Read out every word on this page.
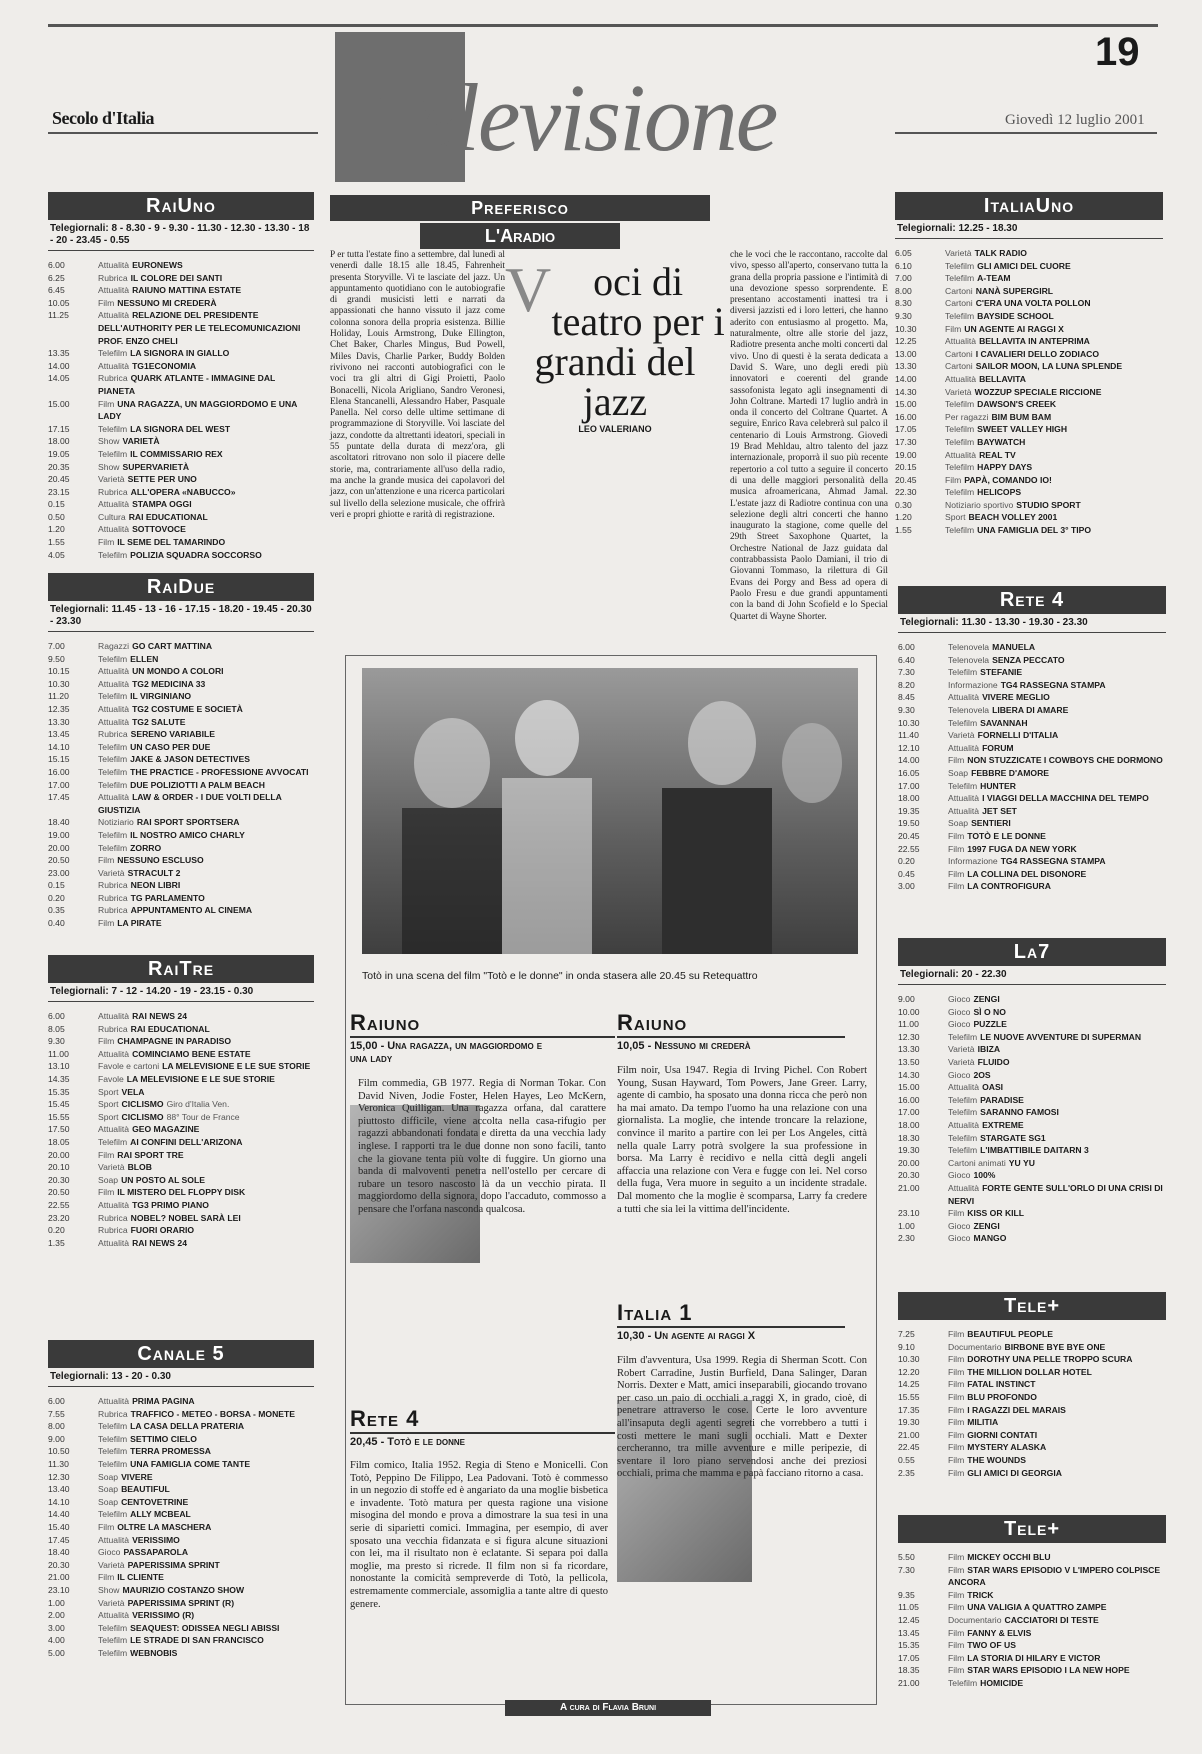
19
Secolo d'Italia Televisione	Giovedì 12 luglio 2001
RaiUno
Telegiornali: 8 - 8.30 - 9 - 9.30 - 11.30 - 12.30 - 13.30 - 18 - 20 - 23.45 - 0.55
6.00	Attualità EURONEWS
6.25	Rubrica IL COLORE DEI SANTI
6.45	Attualità RAIUNO MATTINA ESTATE
10.05	Film NESSUNO MI CREDERÀ
11.25	Attualità RELAZIONE DEL PRESIDENTE DELL'AUTHORITY PER LE TELECOMUNICAZIONI PROF. ENZO CHELI
13.35	Telefilm LA SIGNORA IN GIALLO
14.00	Attualità TG1ECONOMIA
14.05	Rubrica QUARK ATLANTE - IMMAGINE DAL PIANETA
15.00	Film UNA RAGAZZA, UN MAGGIORDOMO E UNA LADY
17.15	Telefilm LA SIGNORA DEL WEST
18.00	Show VARIETÀ
19.05	Telefilm IL COMMISSARIO REX
20.35	Show SUPERVARIETÀ
20.45	Varietà SETTE PER UNO
23.15	Rubrica ALL'OPERA «NABUCCO»
0.15	Attualità STAMPA OGGI
0.50	Cultura RAI EDUCATIONAL
1.20	Attualità SOTTOVOCE
1.55	Film IL SEME DEL TAMARINDO
4.05	Telefilm POLIZIA SQUADRA SOCCORSO
RaiDue
Telegiornali: 11.45 - 13 - 16 - 17.15 - 18.20 - 19.45 - 20.30 - 23.30
7.00	Ragazzi GO CART MATTINA
9.50	Telefilm ELLEN
10.15	Attualità UN MONDO A COLORI
10.30	Attualità TG2 MEDICINA 33
11.20	Telefilm IL VIRGINIANO
12.35	Attualità TG2 COSTUME E SOCIETÀ
13.30	Attualità TG2 SALUTE
13.45	Rubrica SERENO VARIABILE
14.10	Telefilm UN CASO PER DUE
15.15	Telefilm JAKE & JASON DETECTIVES
16.00	Telefilm THE PRACTICE - PROFESSIONE AVVOCATI
17.00	Telefilm DUE POLIZIOTTI A PALM BEACH
17.45	Attualità LAW & ORDER - I DUE VOLTI DELLA GIUSTIZIA
18.40	Notiziario RAI SPORT SPORTSERA
19.00	Telefilm IL NOSTRO AMICO CHARLY
20.00	Telefilm ZORRO
20.50	Film NESSUNO ESCLUSO
23.00	Varietà STRACULT 2
0.15	Rubrica NEON LIBRI
0.20	Rubrica TG PARLAMENTO
0.35	Rubrica APPUNTAMENTO AL CINEMA
0.40	Film LA PIRATE
RaiTre
Telegiornali: 7 - 12 - 14.20 - 19 - 23.15 - 0.30
6.00	Attualità RAI NEWS 24
8.05	Rubrica RAI EDUCATIONAL
9.30	Film CHAMPAGNE IN PARADISO
11.00	Attualità COMINCIAMO BENE ESTATE
13.10	Favole e cartoni LA MELEVISIONE E LE SUE STORIE
14.35	Favole LA MELEVISIONE E LE SUE STORIE
15.35	Sport VELA
15.45	Sport CICLISMO Giro d'Italia Ven.
15.55	Sport CICLISMO 88° Tour de France
17.50	Attualità GEO MAGAZINE
18.05	Telefilm AI CONFINI DELL'ARIZONA
20.00	Film RAI SPORT TRE
20.10	Varietà BLOB
20.30	Soap UN POSTO AL SOLE
20.50	Film IL MISTERO DEL FLOPPY DISK
22.55	Attualità TG3 PRIMO PIANO
23.20	Rubrica NOBEL? NOBEL SARÀ LEI
0.20	Rubrica FUORI ORARIO
1.35	Attualità RAI NEWS 24
Canale 5
Telegiornali: 13 - 20 - 0.30
6.00	Attualità PRIMA PAGINA
7.55	Rubrica TRAFFICO - METEO - BORSA - MONETE
8.00	Telefilm LA CASA DELLA PRATERIA
9.00	Telefilm SETTIMO CIELO
10.50	Telefilm TERRA PROMESSA
11.30	Telefilm UNA FAMIGLIA COME TANTE
12.30	Soap VIVERE
13.40	Soap BEAUTIFUL
14.10	Soap CENTOVETRINE
14.40	Telefilm ALLY MCBEAL
15.40	Film OLTRE LA MASCHERA
17.45	Attualità VERISSIMO
18.40	Gioco PASSAPAROLA
20.30	Varietà PAPERISSIMA SPRINT
21.00	Film IL CLIENTE
23.10	Show MAURIZIO COSTANZO SHOW
1.00	Varietà PAPERISSIMA SPRINT (R)
2.00	Attualità VERISSIMO (R)
3.00	Telefilm SEAQUEST: ODISSEA NEGLI ABISSI
4.00	Telefilm LE STRADE DI SAN FRANCISCO
5.00	Telefilm WEBNOBIS
ItaliaUno
Telegiornali: 12.25 - 18.30
6.05	Varietà TALK RADIO
6.10	Telefilm GLI AMICI DEL CUORE
7.00	Telefilm A-TEAM
8.00	Cartoni NANÀ SUPERGIRL
8.30	Cartoni C'ERA UNA VOLTA POLLON
9.30	Telefilm BAYSIDE SCHOOL
10.30	Film UN AGENTE AI RAGGI X
12.25	Attualità BELLAVITA IN ANTEPRIMA
13.00	Cartoni I CAVALIERI DELLO ZODIACO
13.30	Cartoni SAILOR MOON, LA LUNA SPLENDE
14.00	Attualità BELLAVITA
14.30	Varietà WOZZUP SPECIALE RICCIONE
15.00	Telefilm DAWSON'S CREEK
16.00	Per ragazzi BIM BUM BAM
17.05	Telefilm SWEET VALLEY HIGH
17.30	Telefilm BAYWATCH
19.00	Attualità REAL TV
20.15	Telefilm HAPPY DAYS
20.45	Film PAPÀ, COMANDO IO!
22.30	Telefilm HELICOPS
0.30	Notiziario sportivo STUDIO SPORT
1.20	Sport BEACH VOLLEY 2001
1.55	Telefilm UNA FAMIGLIA DEL 3° TIPO
Rete 4
Telegiornali: 11.30 - 13.30 - 19.30 - 23.30
6.00	Telenovela MANUELA
6.40	Telenovela SENZA PECCATO
7.30	Telefilm STEFANIE
8.20	Informazione TG4 RASSEGNA STAMPA
8.45	Attualità VIVERE MEGLIO
9.30	Telenovela LIBERA DI AMARE
10.30	Telefilm SAVANNAH
11.40	Varietà FORNELLI D'ITALIA
12.10	Attualità FORUM
14.00	Film NON STUZZICATE I COWBOYS CHE DORMONO
16.05	Soap FEBBRE D'AMORE
17.00	Telefilm HUNTER
18.00	Attualità I VIAGGI DELLA MACCHINA DEL TEMPO
19.35	Attualità JET SET
19.50	Soap SENTIERI
20.45	Film TOTÒ E LE DONNE
22.55	Film 1997 FUGA DA NEW YORK
0.20	Informazione TG4 RASSEGNA STAMPA
0.45	Film LA COLLINA DEL DISONORE
3.00	Film LA CONTROFIGURA
La7
Telegiornali: 20 - 22.30
9.00	Gioco ZENGI
10.00	Gioco SÌ O NO
11.00	Gioco PUZZLE
12.30	Telefilm LE NUOVE AVVENTURE DI SUPERMAN
13.30	Varietà IBIZA
13.50	Varietà FLUIDO
14.30	Gioco 2OS
15.00	Attualità OASI
16.00	Telefilm PARADISE
17.00	Telefilm SARANNO FAMOSI
18.00	Attualità EXTREME
18.30	Telefilm STARGATE SG1
19.30	Telefilm L'IMBATTIBILE DAITARN 3
20.00	Cartoni animati YU YU
20.30	Gioco 100%
21.00	Attualità FORTE GENTE SULL'ORLO DI UNA CRISI DI NERVI
23.10	Film KISS OR KILL
1.00	Gioco ZENGI
2.30	Gioco MANGO
Tele+
7.25	Film BEAUTIFUL PEOPLE
9.10	Documentario BIRBONE BYE BYE ONE
10.30	Film DOROTHY UNA PELLE TROPPO SCURA
12.20	Film THE MILLION DOLLAR HOTEL
14.25	Film FATAL INSTINCT
15.55	Film BLU PROFONDO
17.35	Film I RAGAZZI DEL MARAIS
19.30	Film MILITIA
21.00	Film GIORNI CONTATI
22.45	Film MYSTERY ALASKA
0.55	Film THE WOUNDS
2.35	Film GLI AMICI DI GEORGIA
Tele+
5.50	Film MICKEY OCCHI BLU
7.30	Film STAR WARS EPISODIO V L'IMPERO COLPISCE ANCORA
9.35	Film TRICK
11.05	Film UNA VALIGIA A QUATTRO ZAMPE
12.45	Documentario CACCIATORI DI TESTE
13.45	Film FANNY & ELVIS
15.35	Film TWO OF US
17.05	Film LA STORIA DI HILARY E VICTOR
18.35	Film STAR WARS EPISODIO I LA NEW HOPE
21.00	Telefilm HOMICIDE
Preferisco
L'Aradio
P er tutta l'estate fino a settembre, dal lunedì al venerdì dalle 18.15 alle 18.45, Fahrenheit presenta Storyville. Vi te lasciate del jazz. Un appuntamento quotidiano con le autobiografie di grandi musicisti letti e narrati da appassionati che hanno vissuto il jazz come colonna sonora della propria esistenza. Billie Holiday, Louis Armstrong, Duke Ellington, Chet Baker, Charles Mingus, Bud Powell, Miles Davis, Charlie Parker, Buddy Bolden rivivono nei racconti autobiografici con le voci tra gli altri di Gigi Proietti, Paolo Bonacelli, Nicola Arigliano, Sandro Veronesi, Elena Stancanelli, Alessandro Haber, Pasquale Panella. Nel corso delle ultime settimane di programmazione di Storyville. Voi lasciate del jazz, condotte da altrettanti ideatori, speciali in 55 puntate della durata di mezz'ora, gli ascoltatori ritrovano non solo il piacere delle storie, ma, contrariamente all'uso della radio, ma anche la grande musica dei capolavori del jazz, con un'attenzione e una ricerca particolari sul livello della selezione musicale, che offrirà veri e propri ghiotte e rarità di registrazione.
V oci di teatro per i grandi del jazz
LEO VALERIANO
che le voci che le raccontano, raccolte dal vivo, spesso all'aperto, conservano tutta la grana della propria passione e l'intimità di una devozione spesso sorprendente. E presentano accostamenti inattesi tra i diversi jazzisti ed i loro letteri, che hanno aderito con entusiasmo al progetto. Ma, naturalmente, oltre alle storie del jazz, Radiotre presenta anche molti concerti dal vivo. Uno di questi è la serata dedicata a David S. Ware, uno degli eredi più innovatori e coerenti del grande sassofonista legato agli insegnamenti di John Coltrane. Martedì 17 luglio andrà in onda il concerto del Coltrane Quartet. A seguire, Enrico Rava celebrerà sul palco il centenario di Louis Armstrong. Giovedì 19 Brad Mehldau, altro talento del jazz internazionale, proporrà il suo più recente repertorio a col tutto a seguire il concerto di una delle maggiori personalità della musica afroamericana, Ahmad Jamal. L'estate jazz di Radiotre continua con una selezione degli altri concerti che hanno inaugurato la stagione, come quelle del 29th Street Saxophone Quartet, la Orchestre National de Jazz guidata dal contrabbassista Paolo Damiani, il trio di Giovanni Tommaso, la rilettura di Gil Evans dei Porgy and Bess ad opera di Paolo Fresu e due grandi appuntamenti con la band di John Scofield e lo Special Quartet di Wayne Shorter.
Totò in una scena del film "Totò e le donne" in onda stasera alle 20.45 su Retequattro
Raiuno
15,00 - Una ragazza, un maggiordomo e una lady
Film commedia, GB 1977. Regia di Norman Tokar. Con David Niven, Jodie Foster, Helen Hayes, Leo McKern, Veronica Quilligan. Una ragazza orfana, dal carattere piuttosto difficile, viene accolta nella casa-rifugio per ragazzi abbandonati fondata e diretta da una vecchia lady inglese. I rapporti tra le due donne non sono facili, tanto che la giovane tenta più volte di fuggire. Un giorno una banda di malvoventi penetra nell'ostello per cercare di rubare un tesoro nascosto là da un vecchio pirata. Il maggiordomo della signora, dopo l'accaduto, commosso a pensare che l'orfana nasconda qualcosa.
Raiuno
10,05 - Nessuno mi crederà
Film noir, Usa 1947. Regia di Irving Pichel. Con Robert Young, Susan Hayward, Tom Powers, Jane Greer. Larry, agente di cambio, ha sposato una donna ricca che però non ha mai amato. Da tempo l'uomo ha una relazione con una giornalista. La moglie, che intende troncare la relazione, convince il marito a partire con lei per Los Angeles, città nella quale Larry potrà svolgere la sua professione in borsa. Ma Larry è recidivo e nella città degli angeli affaccia una relazione con Vera e fugge con lei. Nel corso della fuga, Vera muore in seguito a un incidente stradale. Dal momento che la moglie è scomparsa, Larry fa credere a tutti che sia lei la vittima dell'incidente.
Italia 1
10,30 - Un agente ai raggi X
Film d'avventura, Usa 1999. Regia di Sherman Scott. Con Robert Carradine, Justin Burfield, Dana Salinger, Daran Norris. Dexter e Matt, amici inseparabili, giocando trovano per caso un paio di occhiali a raggi X, in grado, cioè, di penetrare attraverso le cose. Certe le loro avventure all'insaputa degli agenti segreti che vorrebbero a tutti i costi mettere le mani sugli occhiali. Matt e Dexter cercheranno, tra mille avventure e mille peripezie, di sventare il loro piano servendosi anche dei preziosi occhiali, prima che mamma e papà facciano ritorno a casa.
Rete 4
20,45 - Totò e le donne
Film comico, Italia 1952. Regia di Steno e Monicelli. Con Totò, Peppino De Filippo, Lea Padovani. Totò è commesso in un negozio di stoffe ed è angariato da una moglie bisbetica e invadente. Totò matura per questa ragione una visione misogina del mondo e prova a dimostrare la sua tesi in una serie di siparietti comici. Immagina, per esempio, di aver sposato una vecchia fidanzata e si figura alcune situazioni con lei, ma il risultato non è eclatante. Si separa poi dalla moglie, ma presto si ricrede. Il film non si fa ricordare, nonostante la comicità sempreverde di Totò, la pellicola, estremamente commerciale, assomiglia a tante altre di questo genere.
A cura di Flavia Bruni
